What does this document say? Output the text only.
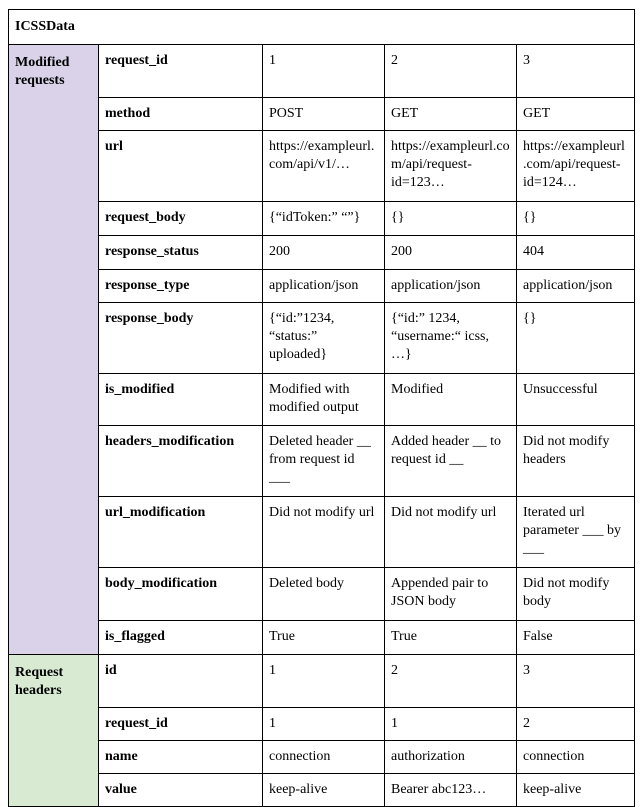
ICSSData				
Modified requests	request_id	1	2	3
	method	POST	GET	GET
	url	https://exampleurl.com/api/v1/…	https://exampleurl.com/api/request-id=123…	https://exampleurl.com/api/request-id=124…
	request_body	{“idToken:” “”}	{}	{}
	response_status	200	200	404
	response_type	application/json	application/json	application/json
	response_body	{“id:”1234, “status:” uploaded}	{“id:” 1234, “username:“ icss, …}	{}
	is_modified	Modified with modified output	Modified	Unsuccessful
	headers_modification	Deleted header __ from request id ___	Added header __ to request id __	Did not modify headers
	url_modification	Did not modify url	Did not modify url	Iterated url parameter ___ by ___
	body_modification	Deleted body	Appended pair to JSON body	Did not modify body
	is_flagged	True	True	False
Request headers	id	1	2	3
	request_id	1	1	2
	name	connection	authorization	connection
	value	keep-alive	Bearer abc123…	keep-alive
